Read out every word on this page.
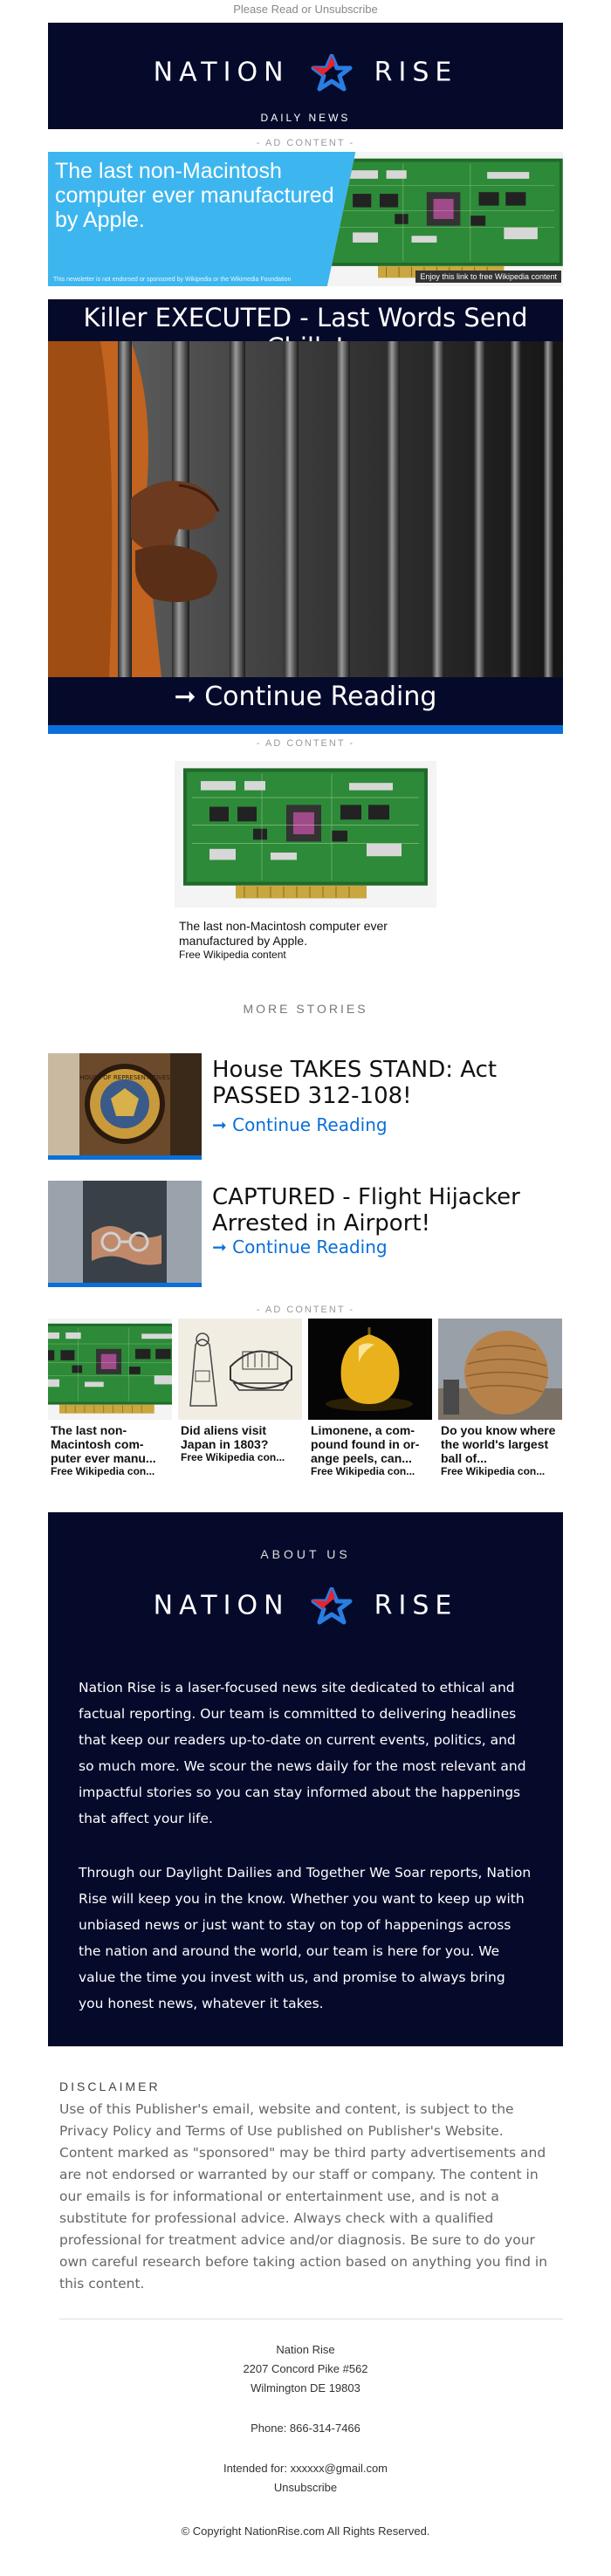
Please Read or Unsubscribe
NATION	RISE
DAILY NEWS
- AD CONTENT -
The last non-Macintosh computer ever manufactured by Apple.
This newsletter is not endorsed or sponsored by Wikipedia or the Wikimedia Foundation	Enjoy this link to free Wikipedia content
Killer EXECUTED - Last Words Send
➞ Continue Reading
- AD CONTENT -
The last non-Macintosh computer ever manufactured by Apple.
Free Wikipedia content
MORE STORIES
HOUSE OF REPRESENTATIVES House TAKES STAND: Act PASSED 312-108!
➞ Continue Reading
CAPTURED - Flight Hijacker Arrested in Airport!
➞ Continue Reading
- AD CONTENT -
The last non-Macintosh com-puter ever manu...
Free Wikipedia con...
Did aliens visit Japan in 1803?
Free Wikipedia con...
Limonene, a com-pound found in or-ange peels, can...
Free Wikipedia con...
Do you know where the world's largest ball of...
Free Wikipedia con...
ABOUT US
NATION	RISE

Nation Rise is a laser-focused news site dedicated to ethical and factual reporting. Our team is committed to delivering headlines that keep our readers up-to-date on current events, politics, and so much more. We scour the news daily for the most relevant and impactful stories so you can stay informed about the happenings that affect your life.

Through our Daylight Dailies and Together We Soar reports, Nation Rise will keep you in the know. Whether you want to keep up with unbiased news or just want to stay on top of happenings across the nation and around the world, our team is here for you. We value the time you invest with us, and promise to always bring you honest news, whatever it takes.

DISCLAIMER
Use of this Publisher's email, website and content, is subject to the Privacy Policy and Terms of Use published on Publisher's Website. Content marked as "sponsored" may be third party advertisements and are not endorsed or warranted by our staff or company. The content in our emails is for informational or entertainment use, and is not a substitute for professional advice. Always check with a qualified professional for treatment advice and/or diagnosis. Be sure to do your own careful research before taking action based on anything you find in this content.
Nation Rise
2207 Concord Pike #562
Wilmington DE 19803
Phone: 866-314-7466
Intended for: xxxxxx@gmail.com
Unsubscribe
© Copyright NationRise.com All Rights Reserved.
